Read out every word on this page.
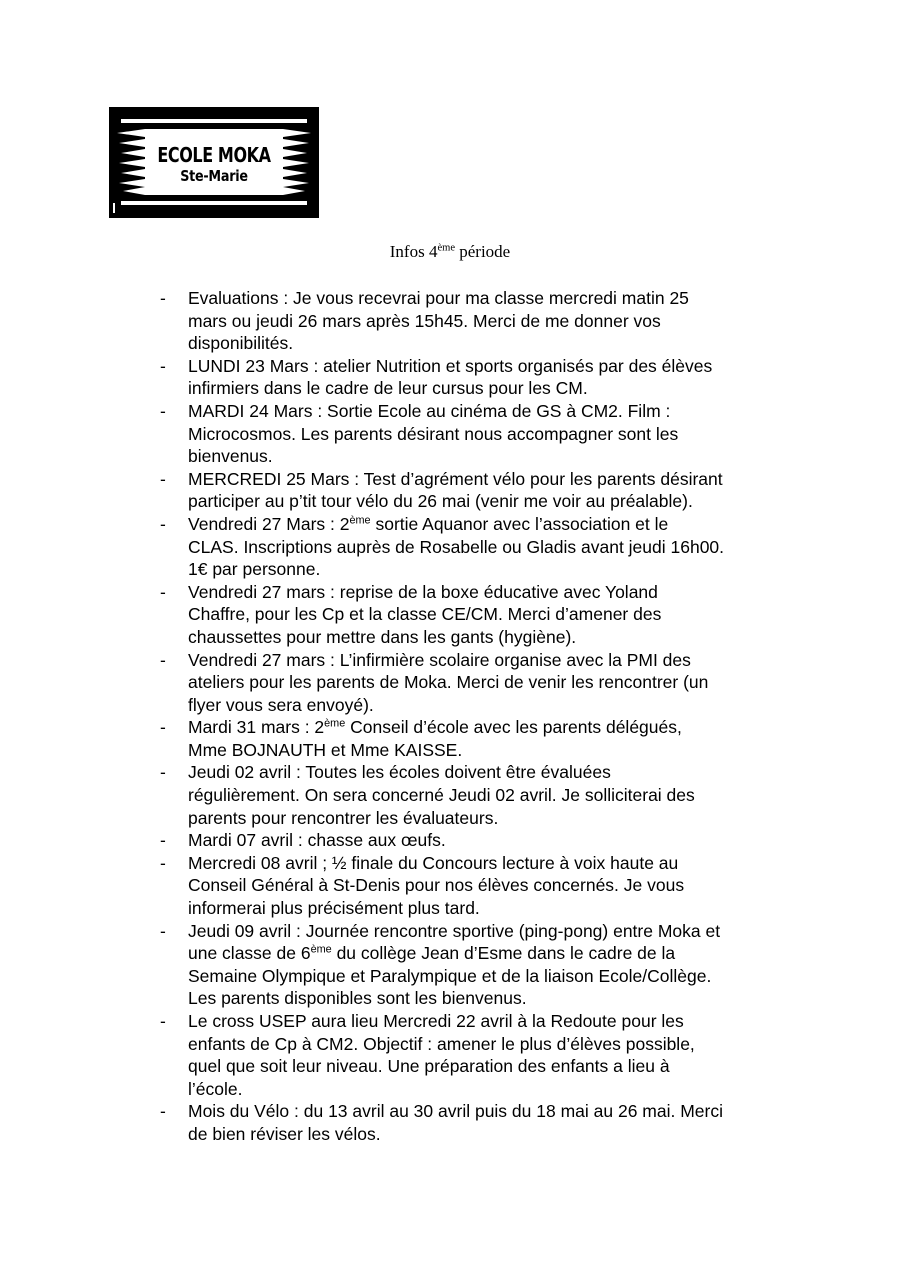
ECOLE MOKA
Ste-Marie
Infos 4ème période
-	Evaluations : Je vous recevrai pour ma classe mercredi matin 25
mars ou jeudi 26 mars après 15h45. Merci de me donner vos
disponibilités.
-	LUNDI 23 Mars : atelier Nutrition et sports organisés par des élèves
infirmiers dans le cadre de leur cursus pour les CM.
-	MARDI 24 Mars : Sortie Ecole au cinéma de GS à CM2. Film :
Microcosmos. Les parents désirant nous accompagner sont les
bienvenus.
-	MERCREDI 25 Mars : Test d’agrément vélo pour les parents désirant
participer au p’tit tour vélo du 26 mai (venir me voir au préalable).
-	Vendredi 27 Mars : 2ème sortie Aquanor avec l’association et le
CLAS. Inscriptions auprès de Rosabelle ou Gladis avant jeudi 16h00.
1€ par personne.
-	Vendredi 27 mars : reprise de la boxe éducative avec Yoland
Chaffre, pour les Cp et la classe CE/CM. Merci d’amener des
chaussettes pour mettre dans les gants (hygiène).
-	Vendredi 27 mars : L’infirmière scolaire organise avec la PMI des
ateliers pour les parents de Moka. Merci de venir les rencontrer (un
flyer vous sera envoyé).
-	Mardi 31 mars : 2ème Conseil d’école avec les parents délégués,
Mme BOJNAUTH et Mme KAISSE.
-	Jeudi 02 avril : Toutes les écoles doivent être évaluées
régulièrement. On sera concerné Jeudi 02 avril. Je solliciterai des
parents pour rencontrer les évaluateurs.
-	Mardi 07 avril : chasse aux œufs.
-	Mercredi 08 avril ; ½ finale du Concours lecture à voix haute au
Conseil Général à St-Denis pour nos élèves concernés. Je vous
informerai plus précisément plus tard.
-	Jeudi 09 avril : Journée rencontre sportive (ping-pong) entre Moka et
une classe de 6ème du collège Jean d’Esme dans le cadre de la
Semaine Olympique et Paralympique et de la liaison Ecole/Collège.
Les parents disponibles sont les bienvenus.
-	Le cross USEP aura lieu Mercredi 22 avril à la Redoute pour les
enfants de Cp à CM2. Objectif : amener le plus d’élèves possible,
quel que soit leur niveau. Une préparation des enfants a lieu à
l’école.
-	Mois du Vélo : du 13 avril au 30 avril puis du 18 mai au 26 mai. Merci
de bien réviser les vélos.
